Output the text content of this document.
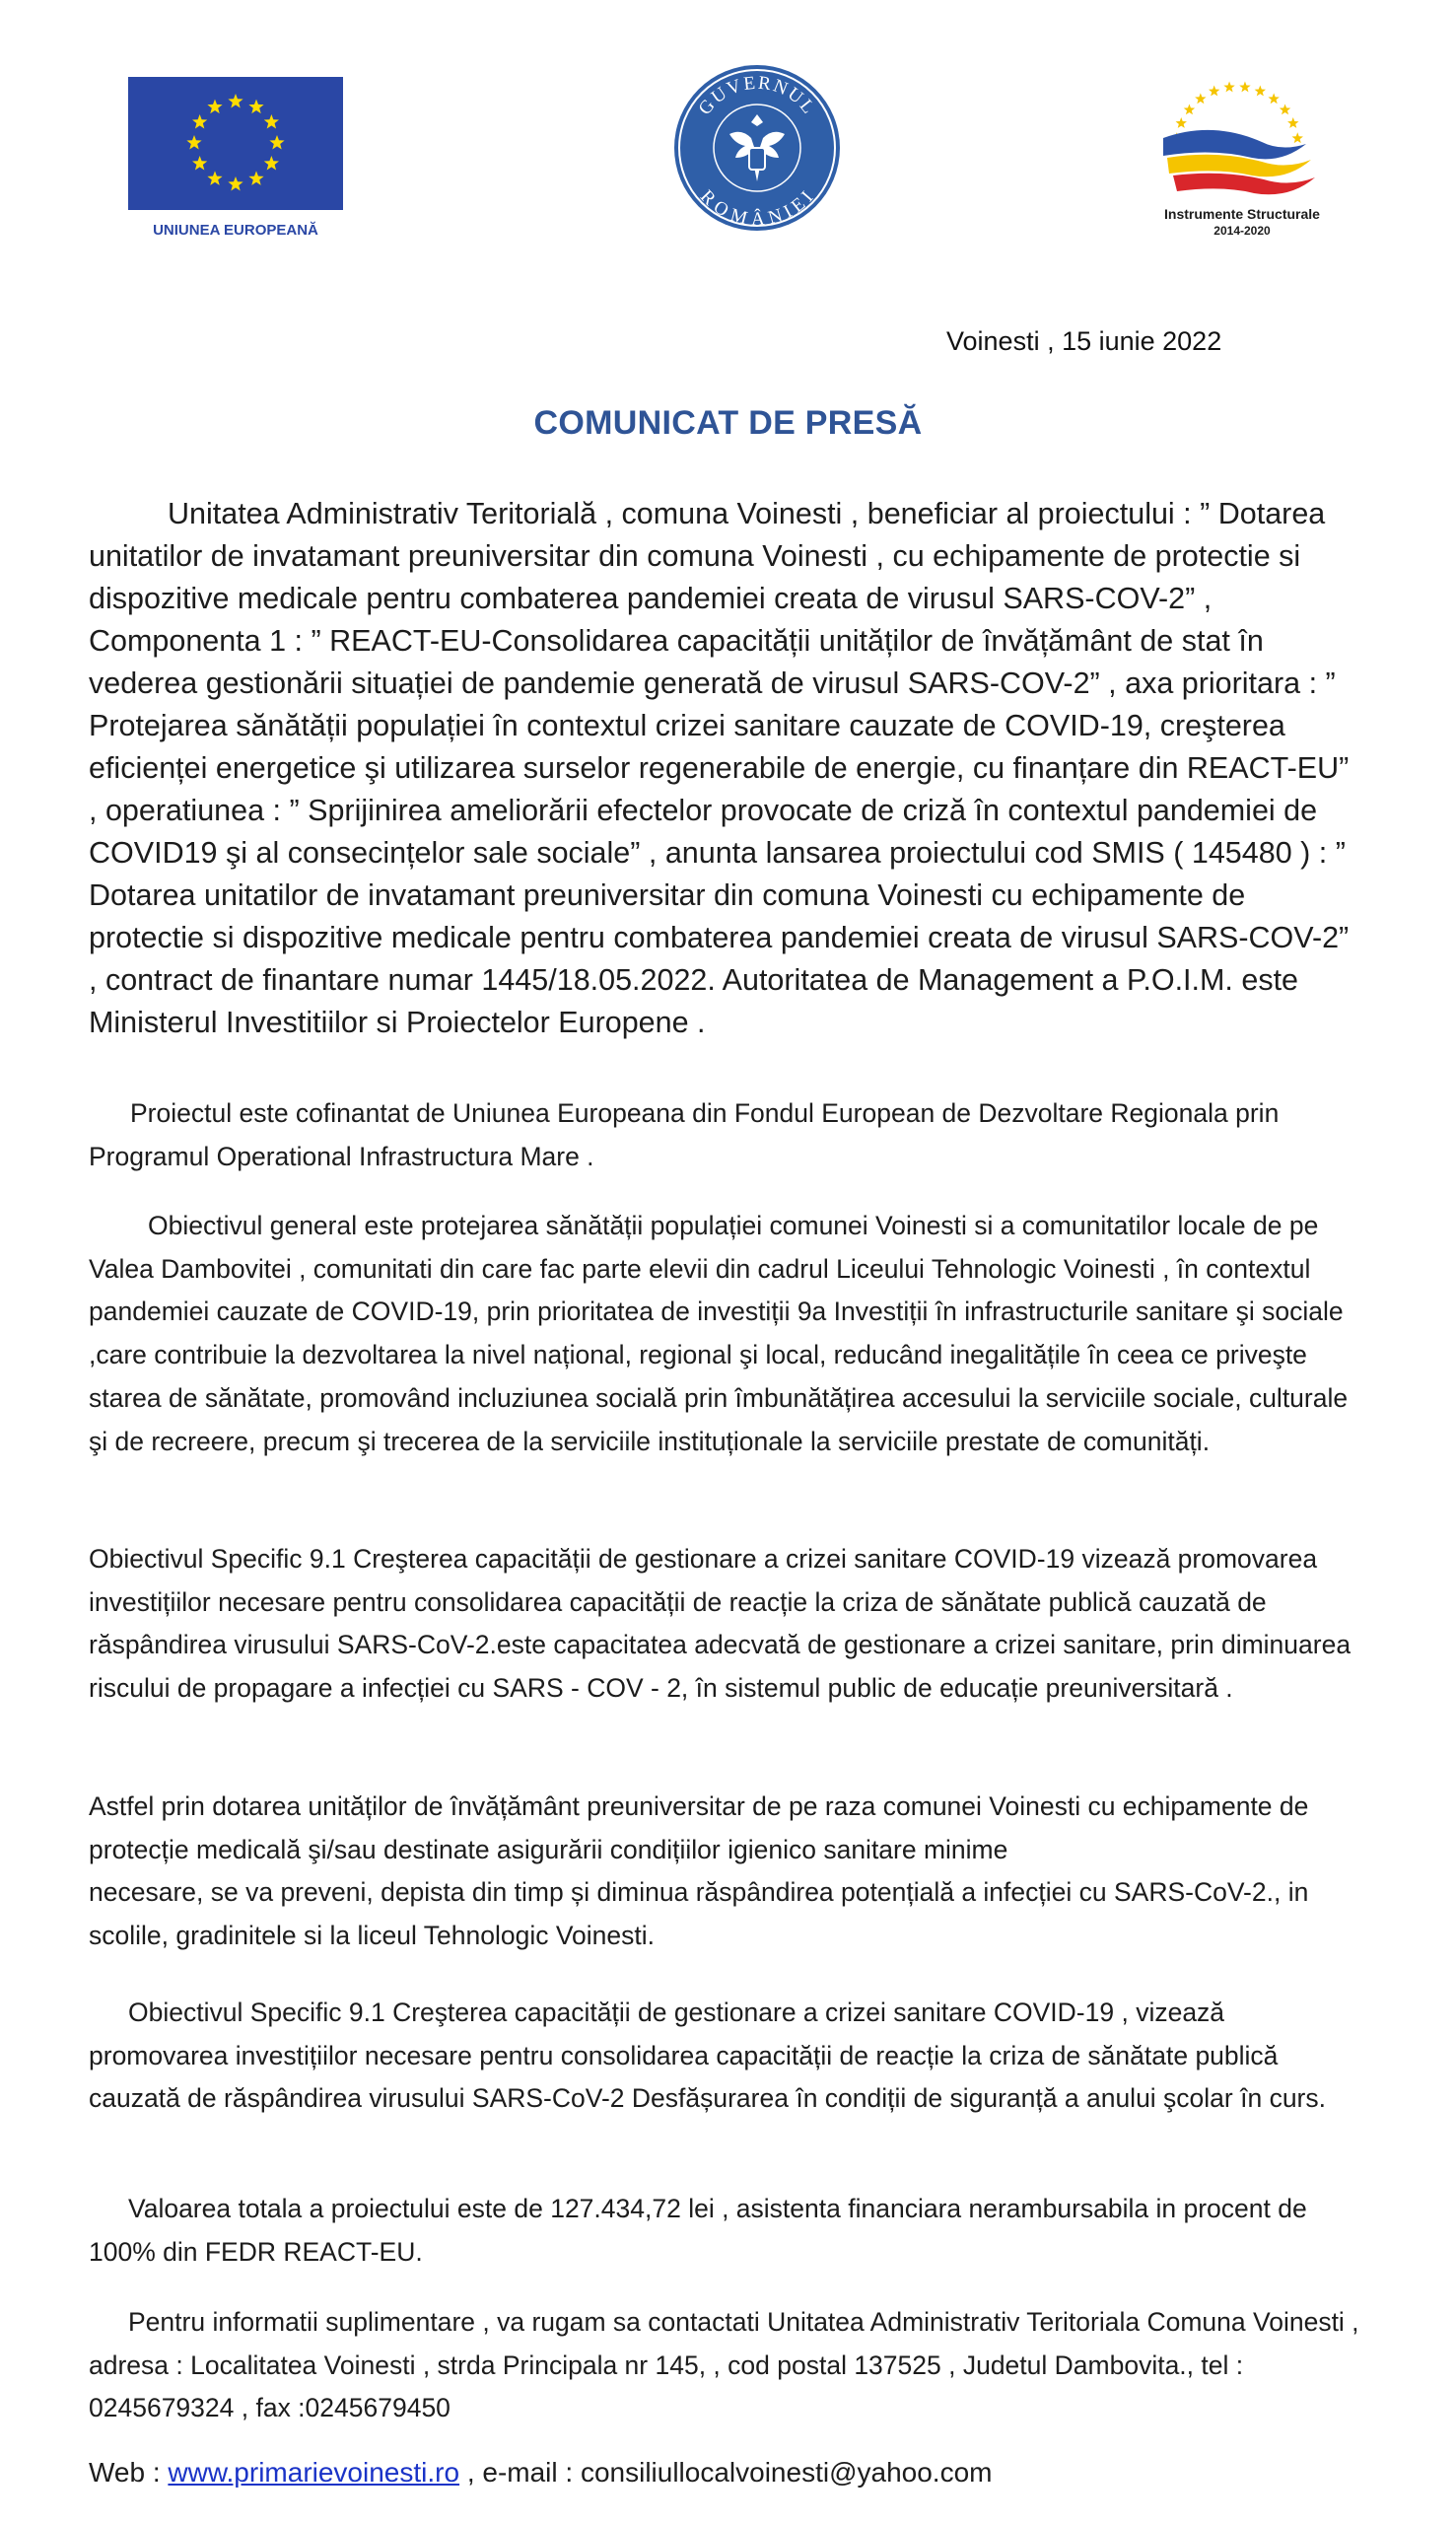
UNIUNEA EUROPEANĂ
GUVERNUL
ROMÂNIEI
Instrumente Structurale
2014-2020
Voinesti , 15 iunie 2022
COMUNICAT DE PRESĂ

Unitatea Administrativ Teritorială , comuna Voinesti , beneficiar al proiectului : ” Dotarea unitatilor de invatamant preuniversitar din comuna Voinesti , cu echipamente de protectie si dispozitive medicale pentru combaterea pandemiei creata de virusul SARS-COV-2” , Componenta 1 : ” REACT-EU-Consolidarea capacității unităților de învățământ de stat în vederea gestionării situației de pandemie generată de virusul SARS-COV-2” , axa prioritara : ” Protejarea sănătății populației în contextul crizei sanitare cauzate de COVID-19, creşterea eficienței energetice şi utilizarea surselor regenerabile de energie, cu finanțare din REACT-EU” , operatiunea : ” Sprijinirea ameliorării efectelor provocate de criză în contextul pandemiei de COVID19 şi al consecințelor sale sociale” , anunta lansarea proiectului cod SMIS ( 145480 ) : ” Dotarea unitatilor de invatamant preuniversitar din comuna Voinesti cu echipamente de protectie si dispozitive medicale pentru combaterea pandemiei creata de virusul SARS-COV-2” , contract de finantare numar 1445/18.05.2022. Autoritatea de Management a P.O.I.M. este Ministerul Investitiilor si Proiectelor Europene .

Proiectul este cofinantat de Uniunea Europeana din Fondul European de Dezvoltare Regionala prin Programul Operational Infrastructura Mare .

Obiectivul general este protejarea sănătății populației comunei Voinesti si a comunitatilor locale de pe Valea Dambovitei , comunitati din care fac parte elevii din cadrul Liceului Tehnologic Voinesti , în contextul pandemiei cauzate de COVID-19, prin prioritatea de investiții 9a Investiții în infrastructurile sanitare şi sociale ,care contribuie la dezvoltarea la nivel național, regional şi local, reducând inegalitățile în ceea ce priveşte starea de sănătate, promovând incluziunea socială prin îmbunătățirea accesului la serviciile sociale, culturale şi de recreere, precum şi trecerea de la serviciile instituționale la serviciile prestate de comunități.

Obiectivul Specific 9.1 Creşterea capacității de gestionare a crizei sanitare COVID-19 vizează promovarea investițiilor necesare pentru consolidarea capacității de reacție la criza de sănătate publică cauzată de răspândirea virusului SARS-CoV-2.este capacitatea adecvată de gestionare a crizei sanitare, prin diminuarea riscului de propagare a infecției cu SARS - COV - 2, în sistemul public de educație preuniversitară .

Astfel prin dotarea unităților de învățământ preuniversitar de pe raza comunei Voinesti cu echipamente de protecție medicală şi/sau destinate asigurării condițiilor igienico sanitare minime

necesare, se va preveni, depista din timp și diminua răspândirea potențială a infecției cu SARS-CoV-2., in scolile, gradinitele si la liceul Tehnologic Voinesti.

Obiectivul Specific 9.1 Creşterea capacității de gestionare a crizei sanitare COVID-19 , vizează promovarea investițiilor necesare pentru consolidarea capacității de reacție la criza de sănătate publică cauzată de răspândirea virusului SARS-CoV-2 Desfășurarea în condiții de siguranță a anului şcolar în curs.

Valoarea totala a proiectului este de 127.434,72 lei , asistenta financiara nerambursabila in procent de 100% din FEDR REACT-EU.

Pentru informatii suplimentare , va rugam sa contactati Unitatea Administrativ Teritoriala Comuna Voinesti , adresa : Localitatea Voinesti , strda Principala nr 145, , cod postal 137525 , Judetul Dambovita., tel : 0245679324 , fax :0245679450

Web : www.primarievoinesti.ro , e-mail : consiliullocalvoinesti@yahoo.com
